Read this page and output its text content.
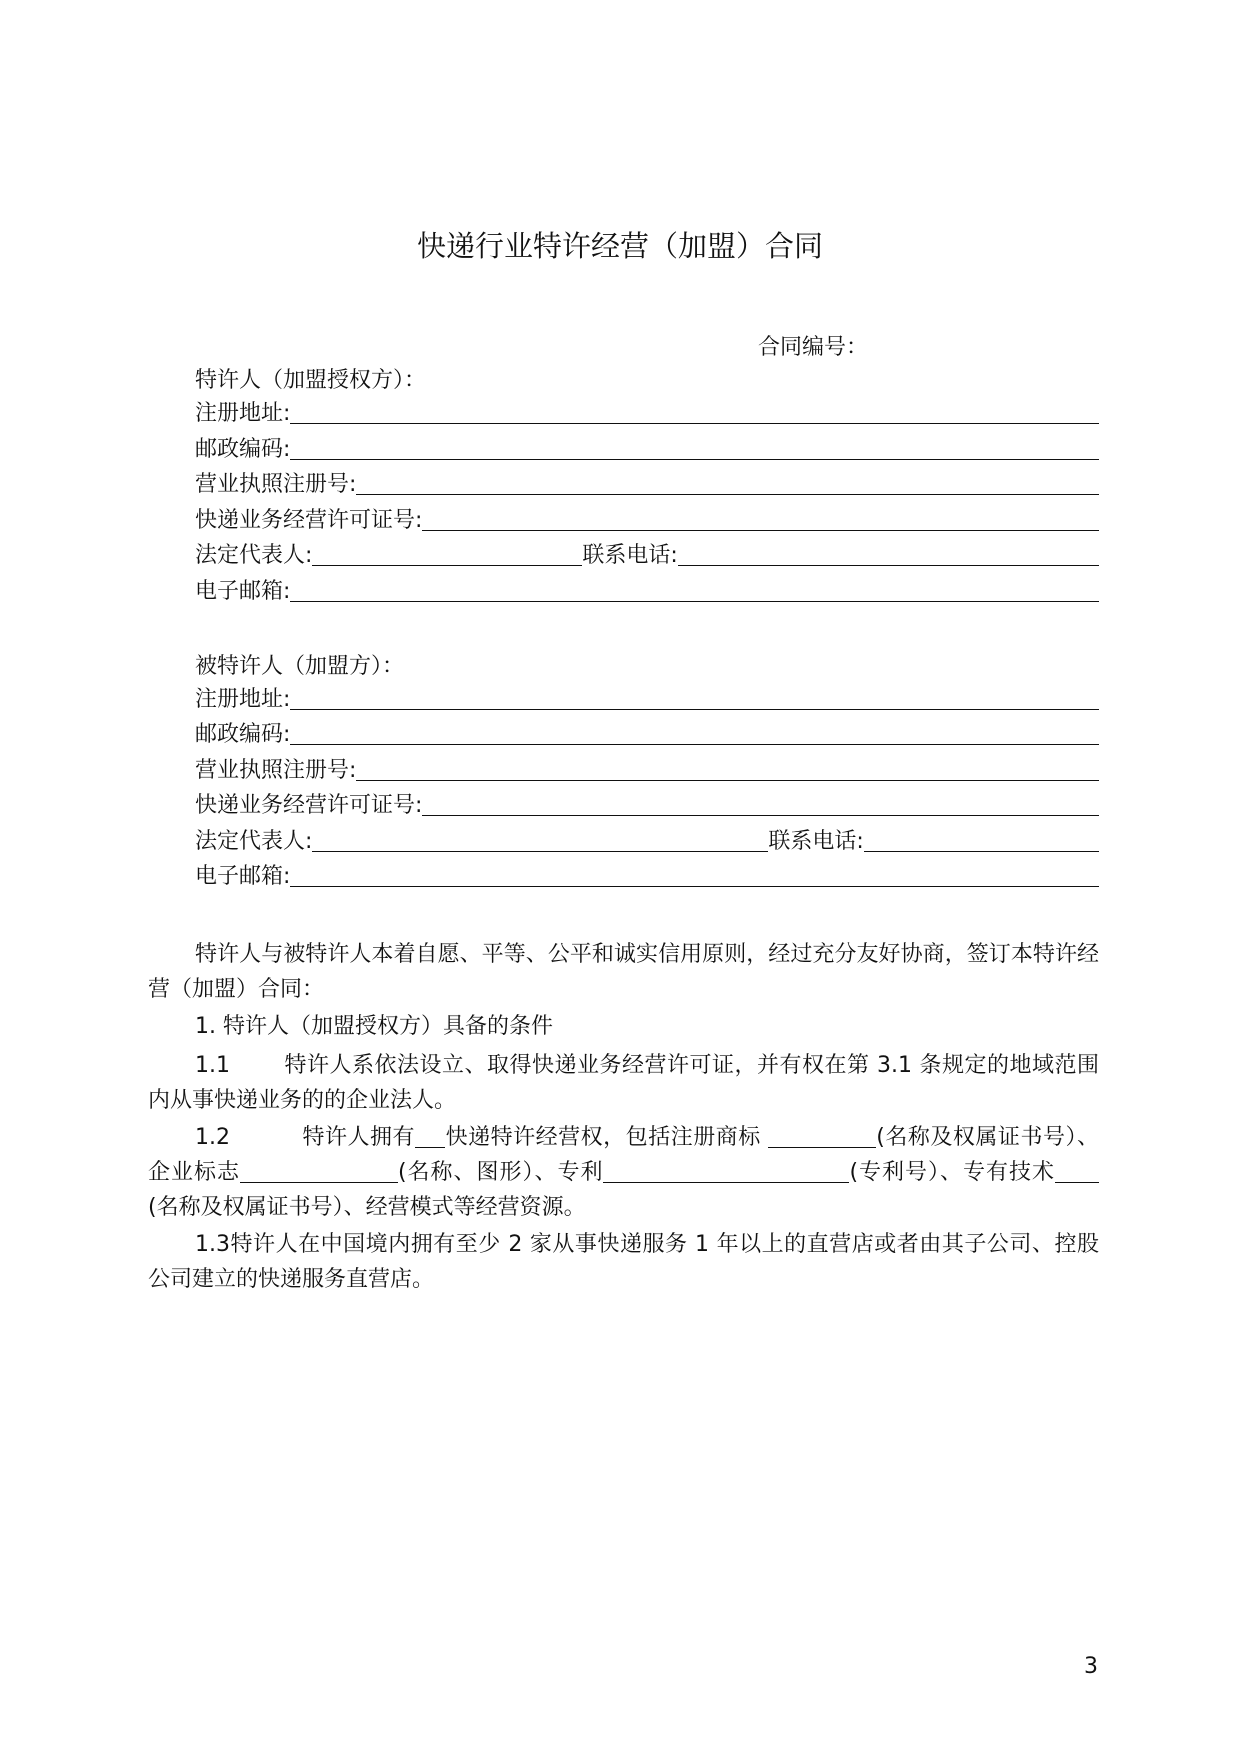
快递行业特许经营（加盟）合同
合同编号：
特许人（加盟授权方）：
注册地址:
邮政编码:
营业执照注册号:
快递业务经营许可证号:
法定代表人:	联系电话:
电子邮箱:
被特许人（加盟方）：
注册地址:
邮政编码:
营业执照注册号:
快递业务经营许可证号:
法定代表人:	联系电话:
电子邮箱:
特许人与被特许人本着自愿、平等、公平和诚实信用原则，经过充分友好协商，签订本特许经营（加盟）合同：
1. 特许人（加盟授权方）具备的条件
1.1 特许人系依法设立、取得快递业务经营许可证，并有权在第 3.1 条规定的地域范围内从事快递业务的的企业法人。
1.2	特许人拥有 快递特许经营权，包括注册商标	(名称及权属证书号）、企业标志	(名称、图形）、专利	(专利号）、专有技术(名称及权属证书号）、经营模式等经营资源。
1.3特许人在中国境内拥有至少 2 家从事快递服务 1 年以上的直营店或者由其子公司、控股公司建立的快递服务直营店。
3
